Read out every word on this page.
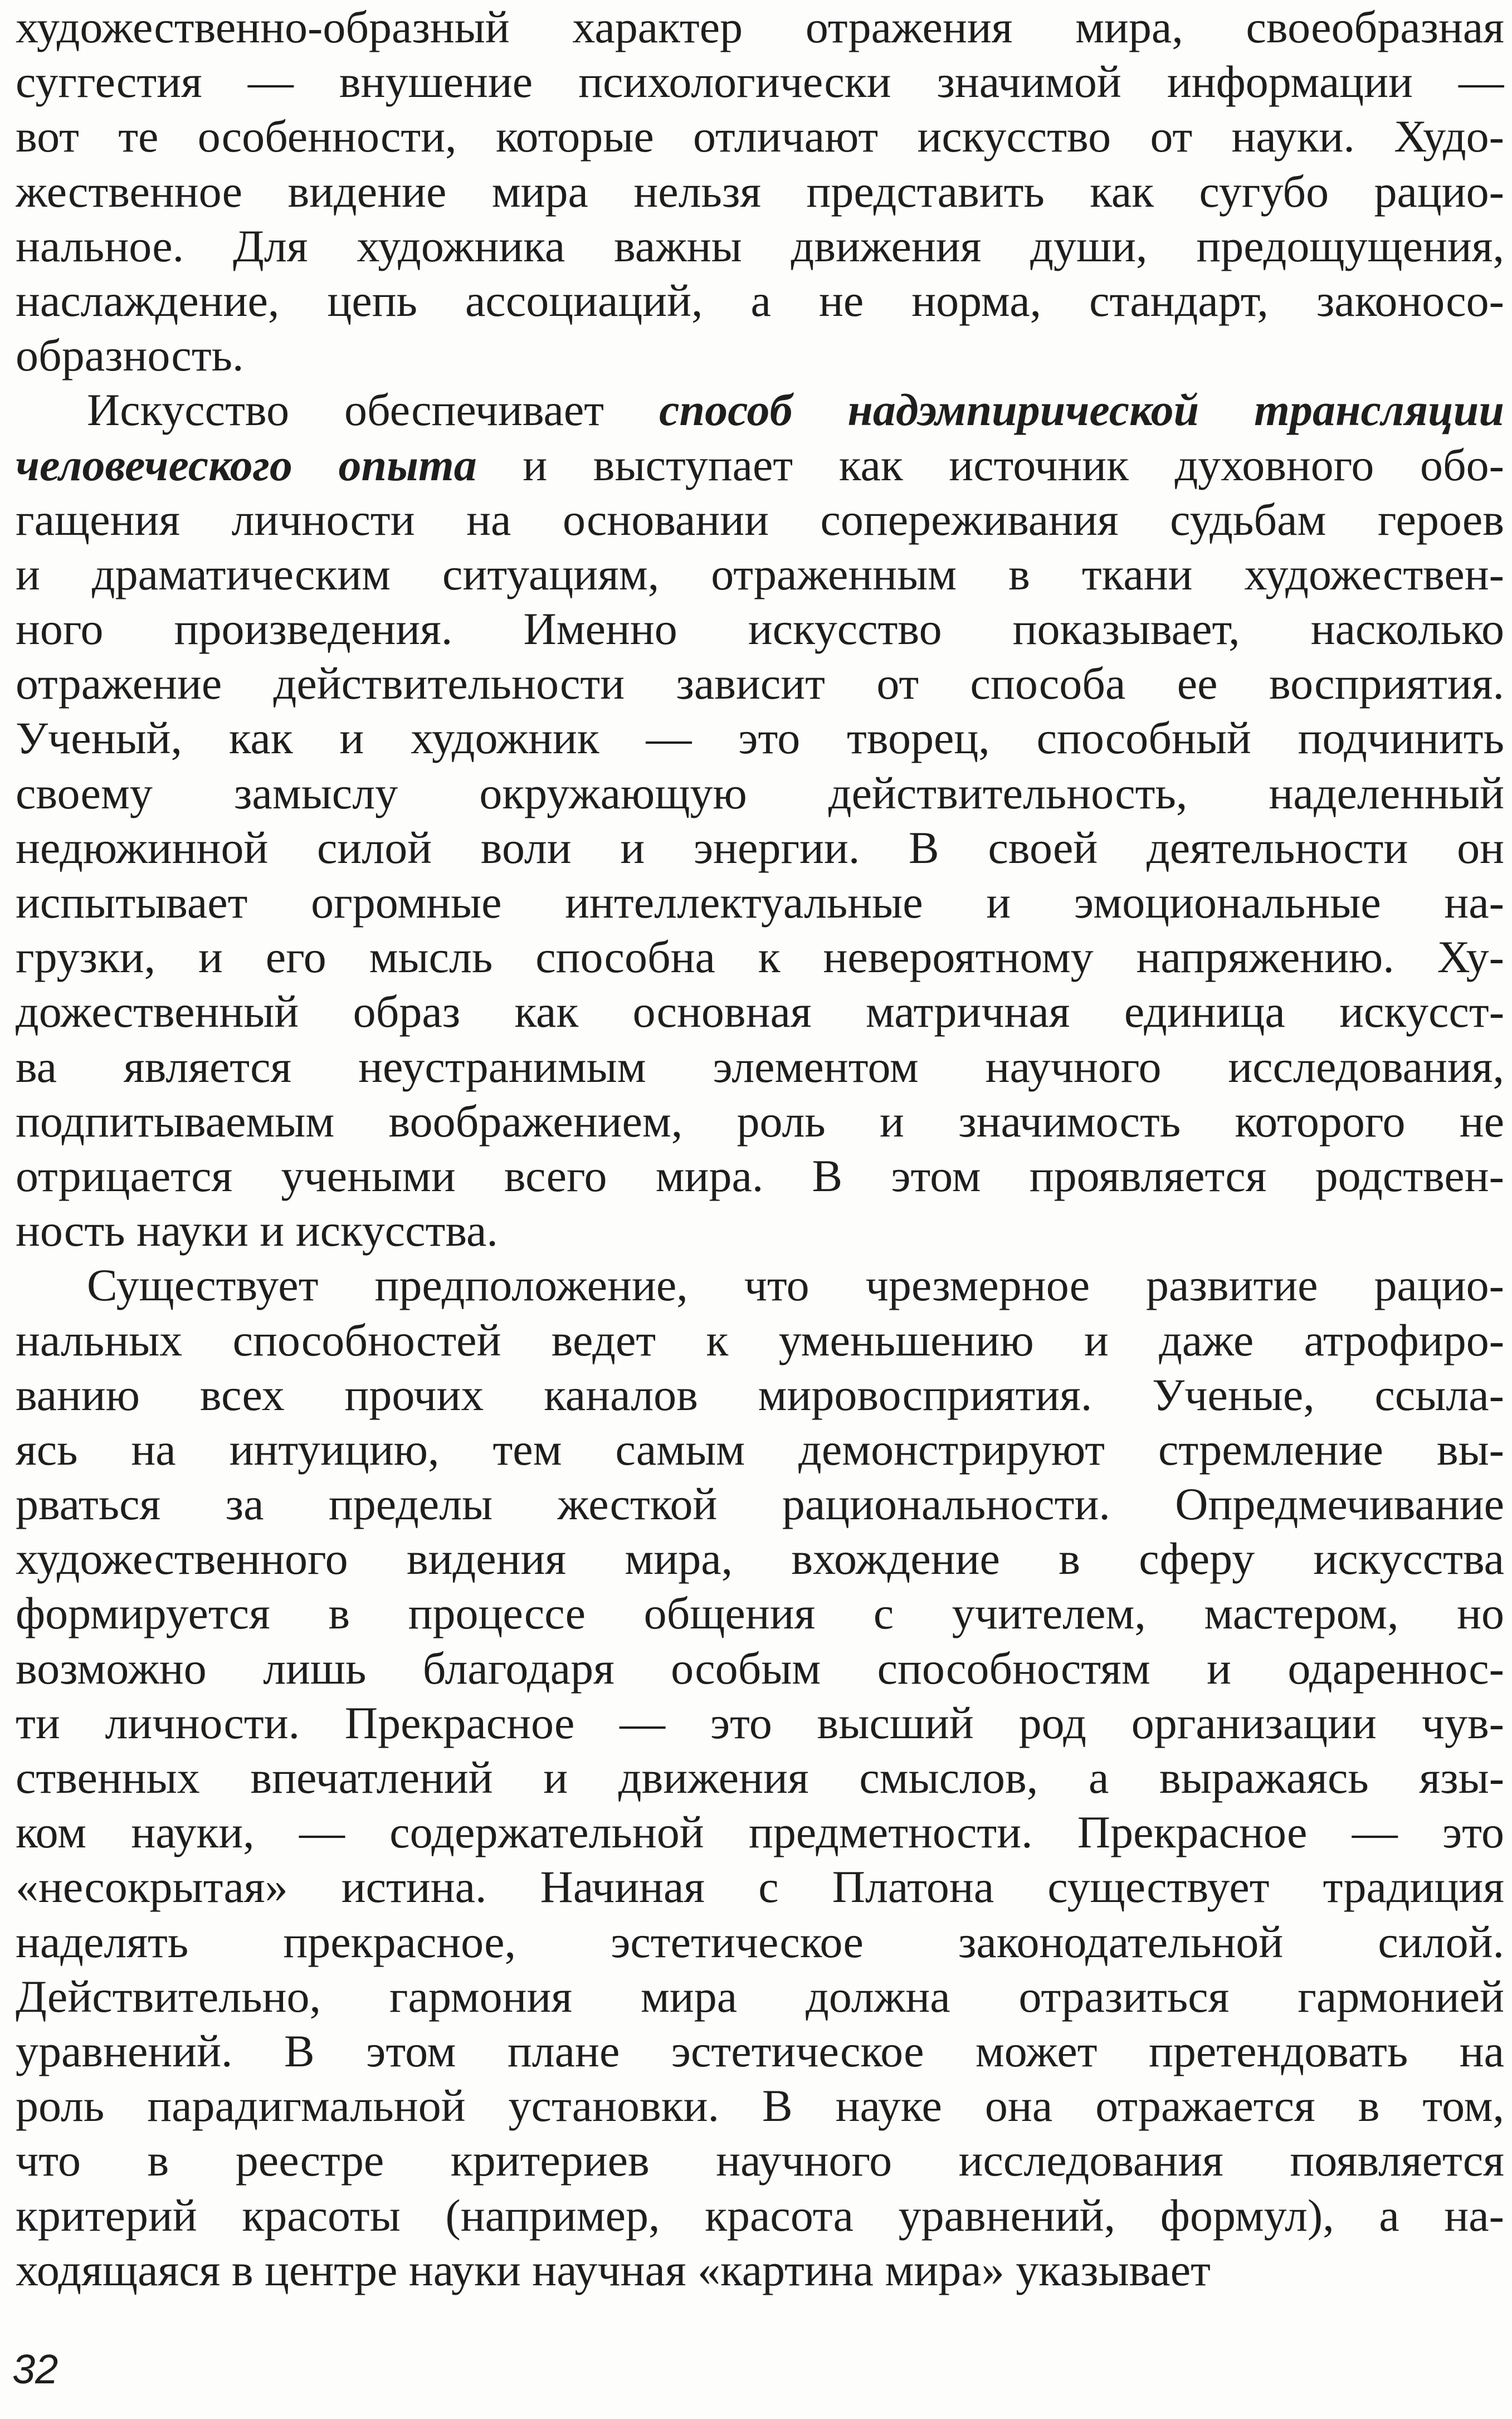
художественно-образный характер отражения мира, своеобразная
суггестия — внушение психологически значимой информации —
вот те особенности, которые отличают искусство от науки. Худо-
жественное видение мира нельзя представить как сугубо рацио-
нальное. Для художника важны движения души, предощущения,
наслаждение, цепь ассоциаций, а не норма, стандарт, законосо-
образность.
Искусство обеспечивает способ надэмпирической трансляции
человеческого опыта и выступает как источник духовного обо-
гащения личности на основании сопереживания судьбам героев
и драматическим ситуациям, отраженным в ткани художествен-
ного произведения. Именно искусство показывает, насколько
отражение действительности зависит от способа ее восприятия.
Ученый, как и художник — это творец, способный подчинить
своему замыслу окружающую действительность, наделенный
недюжинной силой воли и энергии. В своей деятельности он
испытывает огромные интеллектуальные и эмоциональные на-
грузки, и его мысль способна к невероятному напряжению. Ху-
дожественный образ как основная матричная единица искусст-
ва является неустранимым элементом научного исследования,
подпитываемым воображением, роль и значимость которого не
отрицается учеными всего мира. В этом проявляется родствен-
ность науки и искусства.
Существует предположение, что чрезмерное развитие рацио-
нальных способностей ведет к уменьшению и даже атрофиро-
ванию всех прочих каналов мировосприятия. Ученые, ссыла-
ясь на интуицию, тем самым демонстрируют стремление вы-
рваться за пределы жесткой рациональности. Опредмечивание
художественного видения мира, вхождение в сферу искусства
формируется в процессе общения с учителем, мастером, но
возможно лишь благодаря особым способностям и одареннос-
ти личности. Прекрасное — это высший род организации чув-
ственных впечатлений и движения смыслов, а выражаясь язы-
ком науки, — содержательной предметности. Прекрасное — это
«несокрытая» истина. Начиная с Платона существует традиция
наделять прекрасное, эстетическое законодательной силой.
Действительно, гармония мира должна отразиться гармонией
уравнений. В этом плане эстетическое может претендовать на
роль парадигмальной установки. В науке она отражается в том,
что в реестре критериев научного исследования появляется
критерий красоты (например, красота уравнений, формул), а на-
ходящаяся в центре науки научная «картина мира» указывает
32
